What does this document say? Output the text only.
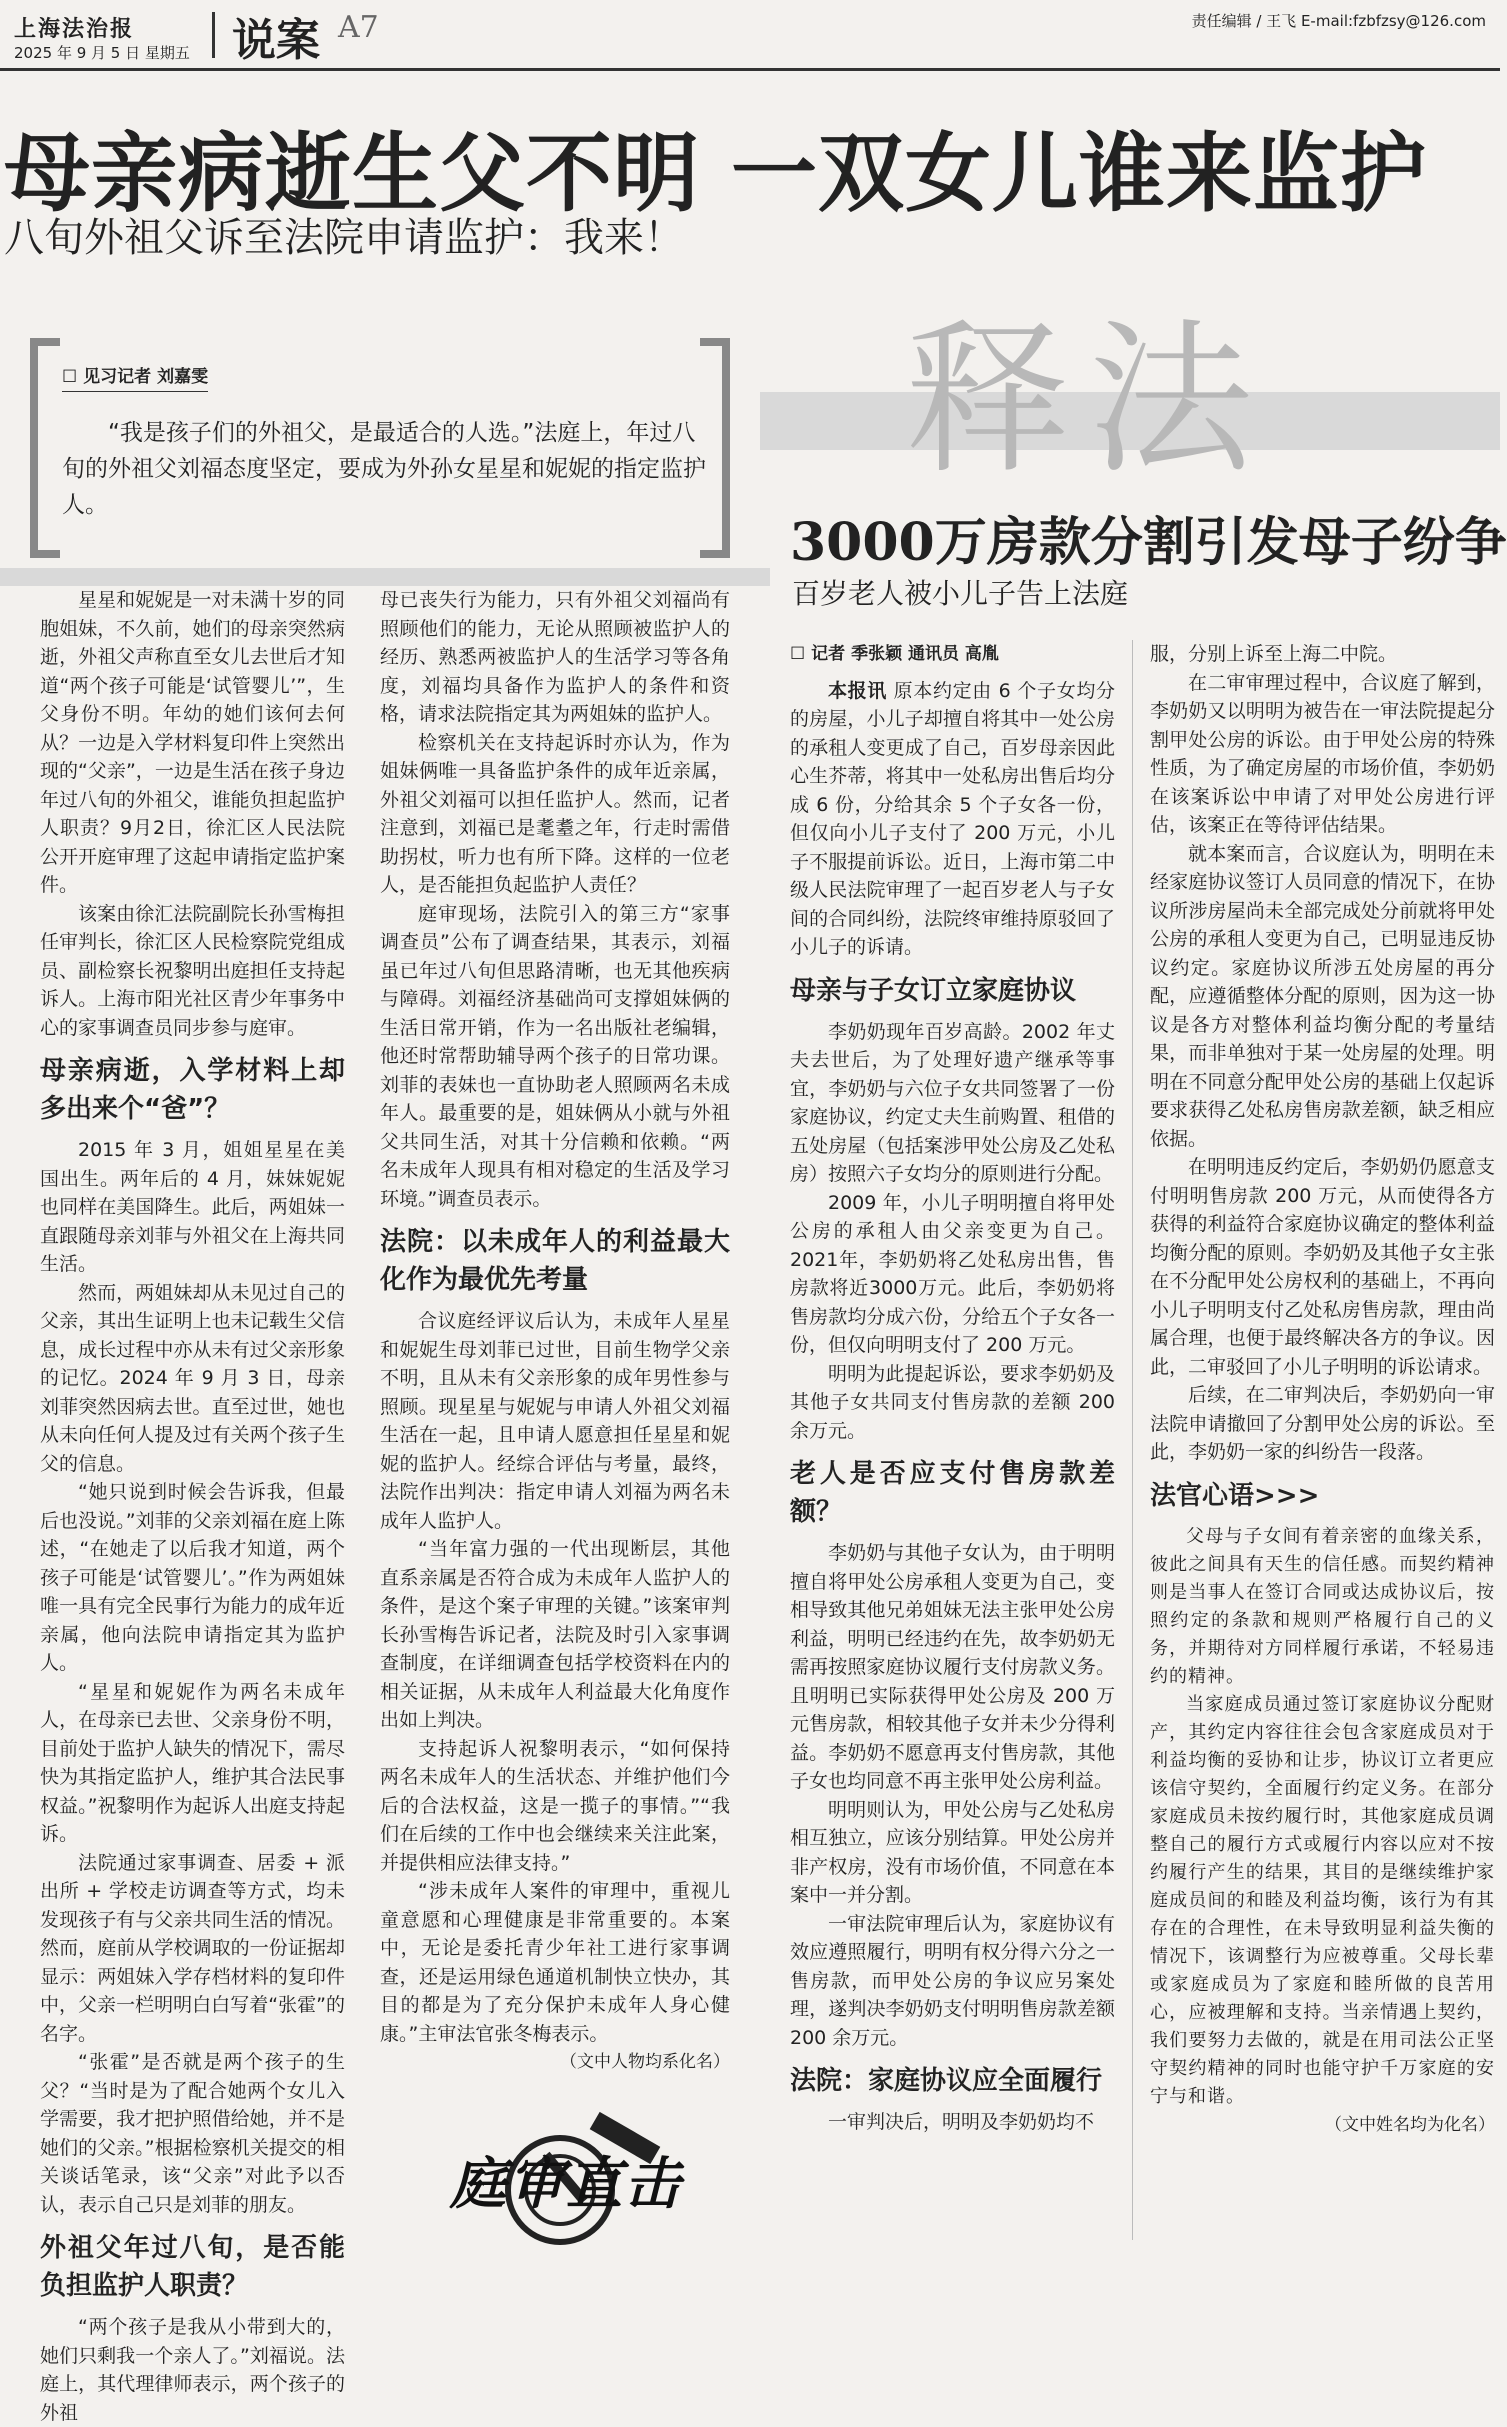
上海法治报
2025 年 9 月 5 日 星期五 说案 A7	责任编辑 / 王飞 E-mail:fzbfzsy@126.com
母亲病逝生父不明 一双女儿谁来监护
八旬外祖父诉至法院申请监护：我来！
☐ 见习记者 刘嘉雯
“我是孩子们的外祖父，是最适合的人选。”法庭上，年过八旬的外祖父刘福态度坚定，要成为外孙女星星和妮妮的指定监护人。
释法
3000万房款分割引发母子纷争
百岁老人被小儿子告上法庭

星星和妮妮是一对未满十岁的同胞姐妹，不久前，她们的母亲突然病逝，外祖父声称直至女儿去世后才知道“两个孩子可能是‘试管婴儿’”，生父身份不明。年幼的她们该何去何从？一边是入学材料复印件上突然出现的“父亲”，一边是生活在孩子身边年过八旬的外祖父，谁能负担起监护人职责？9月2日，徐汇区人民法院公开开庭审理了这起申请指定监护案件。

该案由徐汇法院副院长孙雪梅担任审判长，徐汇区人民检察院党组成员、副检察长祝黎明出庭担任支持起诉人。上海市阳光社区青少年事务中心的家事调查员同步参与庭审。

母亲病逝，入学材料上却多出来个“爸”？

2015 年 3 月，姐姐星星在美国出生。两年后的 4 月，妹妹妮妮也同样在美国降生。此后，两姐妹一直跟随母亲刘菲与外祖父在上海共同生活。

然而，两姐妹却从未见过自己的父亲，其出生证明上也未记载生父信息，成长过程中亦从未有过父亲形象的记忆。2024 年 9 月 3 日，母亲刘菲突然因病去世。直至过世，她也从未向任何人提及过有关两个孩子生父的信息。

“她只说到时候会告诉我，但最后也没说。”刘菲的父亲刘福在庭上陈述，“在她走了以后我才知道，两个孩子可能是‘试管婴儿’。”作为两姐妹唯一具有完全民事行为能力的成年近亲属，他向法院申请指定其为监护人。

“星星和妮妮作为两名未成年人，在母亲已去世、父亲身份不明，目前处于监护人缺失的情况下，需尽快为其指定监护人，维护其合法民事权益。”祝黎明作为起诉人出庭支持起诉。

法院通过家事调查、居委 + 派出所 + 学校走访调查等方式，均未发现孩子有与父亲共同生活的情况。然而，庭前从学校调取的一份证据却显示：两姐妹入学存档材料的复印件中，父亲一栏明明白白写着“张霍”的名字。

“张霍”是否就是两个孩子的生父？“当时是为了配合她两个女儿入学需要，我才把护照借给她，并不是她们的父亲。”根据检察机关提交的相关谈话笔录，该“父亲”对此予以否认，表示自己只是刘菲的朋友。

外祖父年过八旬，是否能负担监护人职责？

“两个孩子是我从小带到大的，她们只剩我一个亲人了。”刘福说。法庭上，其代理律师表示，两个孩子的外祖

母已丧失行为能力，只有外祖父刘福尚有照顾他们的能力，无论从照顾被监护人的经历、熟悉两被监护人的生活学习等各角度，刘福均具备作为监护人的条件和资格，请求法院指定其为两姐妹的监护人。

检察机关在支持起诉时亦认为，作为姐妹俩唯一具备监护条件的成年近亲属，外祖父刘福可以担任监护人。然而，记者注意到，刘福已是耄耋之年，行走时需借助拐杖，听力也有所下降。这样的一位老人，是否能担负起监护人责任？

庭审现场，法院引入的第三方“家事调查员”公布了调查结果，其表示，刘福虽已年过八旬但思路清晰，也无其他疾病与障碍。刘福经济基础尚可支撑姐妹俩的生活日常开销，作为一名出版社老编辑，他还时常帮助辅导两个孩子的日常功课。刘菲的表妹也一直协助老人照顾两名未成年人。最重要的是，姐妹俩从小就与外祖父共同生活，对其十分信赖和依赖。“两名未成年人现具有相对稳定的生活及学习环境。”调查员表示。

法院：以未成年人的利益最大化作为最优先考量

合议庭经评议后认为，未成年人星星和妮妮生母刘菲已过世，目前生物学父亲不明，且从未有父亲形象的成年男性参与照顾。现星星与妮妮与申请人外祖父刘福生活在一起，且申请人愿意担任星星和妮妮的监护人。经综合评估与考量，最终，法院作出判决：指定申请人刘福为两名未成年人监护人。

“当年富力强的一代出现断层，其他直系亲属是否符合成为未成年人监护人的条件，是这个案子审理的关键。”该案审判长孙雪梅告诉记者，法院及时引入家事调查制度，在详细调查包括学校资料在内的相关证据，从未成年人利益最大化角度作出如上判决。

支持起诉人祝黎明表示，“如何保持两名未成年人的生活状态、并维护他们今后的合法权益，这是一揽子的事情。”“我们在后续的工作中也会继续来关注此案，并提供相应法律支持。”

“涉未成年人案件的审理中，重视儿童意愿和心理健康是非常重要的。本案中，无论是委托青少年社工进行家事调查，还是运用绿色通道机制快立快办，其目的都是为了充分保护未成年人身心健康。”主审法官张冬梅表示。

（文中人物均系化名）

庭审直击

☐ 记者 季张颖 通讯员 高胤

本报讯 原本约定由 6 个子女均分的房屋，小儿子却擅自将其中一处公房的承租人变更成了自己，百岁母亲因此心生芥蒂，将其中一处私房出售后均分成 6 份，分给其余 5 个子女各一份，但仅向小儿子支付了 200 万元，小儿子不服提前诉讼。近日，上海市第二中级人民法院审理了一起百岁老人与子女间的合同纠纷，法院终审维持原驳回了小儿子的诉请。

母亲与子女订立家庭协议

李奶奶现年百岁高龄。2002 年丈夫去世后，为了处理好遗产继承等事宜，李奶奶与六位子女共同签署了一份家庭协议，约定丈夫生前购置、租借的五处房屋（包括案涉甲处公房及乙处私房）按照六子女均分的原则进行分配。

2009 年，小儿子明明擅自将甲处公房的承租人由父亲变更为自己。2021年，李奶奶将乙处私房出售，售房款将近3000万元。此后，李奶奶将售房款均分成六份，分给五个子女各一份，但仅向明明支付了 200 万元。

明明为此提起诉讼，要求李奶奶及其他子女共同支付售房款的差额 200 余万元。

老人是否应支付售房款差额？

李奶奶与其他子女认为，由于明明擅自将甲处公房承租人变更为自己，变相导致其他兄弟姐妹无法主张甲处公房利益，明明已经违约在先，故李奶奶无需再按照家庭协议履行支付房款义务。且明明已实际获得甲处公房及 200 万元售房款，相较其他子女并未少分得利益。李奶奶不愿意再支付售房款，其他子女也均同意不再主张甲处公房利益。

明明则认为，甲处公房与乙处私房相互独立，应该分别结算。甲处公房并非产权房，没有市场价值，不同意在本案中一并分割。

一审法院审理后认为，家庭协议有效应遵照履行，明明有权分得六分之一售房款，而甲处公房的争议应另案处理，遂判决李奶奶支付明明售房款差额 200 余万元。

法院：家庭协议应全面履行

一审判决后，明明及李奶奶均不

服，分别上诉至上海二中院。

在二审审理过程中，合议庭了解到，李奶奶又以明明为被告在一审法院提起分割甲处公房的诉讼。由于甲处公房的特殊性质，为了确定房屋的市场价值，李奶奶在该案诉讼中申请了对甲处公房进行评估，该案正在等待评估结果。

就本案而言，合议庭认为，明明在未经家庭协议签订人员同意的情况下，在协议所涉房屋尚未全部完成处分前就将甲处公房的承租人变更为自己，已明显违反协议约定。家庭协议所涉五处房屋的再分配，应遵循整体分配的原则，因为这一协议是各方对整体利益均衡分配的考量结果，而非单独对于某一处房屋的处理。明明在不同意分配甲处公房的基础上仅起诉要求获得乙处私房售房款差额，缺乏相应依据。

在明明违反约定后，李奶奶仍愿意支付明明售房款 200 万元，从而使得各方获得的利益符合家庭协议确定的整体利益均衡分配的原则。李奶奶及其他子女主张在不分配甲处公房权利的基础上，不再向小儿子明明支付乙处私房售房款，理由尚属合理，也便于最终解决各方的争议。因此，二审驳回了小儿子明明的诉讼请求。

后续，在二审判决后，李奶奶向一审法院申请撤回了分割甲处公房的诉讼。至此，李奶奶一家的纠纷告一段落。

法官心语>>>

父母与子女间有着亲密的血缘关系，彼此之间具有天生的信任感。而契约精神则是当事人在签订合同或达成协议后，按照约定的条款和规则严格履行自己的义务，并期待对方同样履行承诺，不轻易违约的精神。

当家庭成员通过签订家庭协议分配财产，其约定内容往往会包含家庭成员对于利益均衡的妥协和让步，协议订立者更应该信守契约，全面履行约定义务。在部分家庭成员未按约履行时，其他家庭成员调整自己的履行方式或履行内容以应对不按约履行产生的结果，其目的是继续维护家庭成员间的和睦及利益均衡，该行为有其存在的合理性，在未导致明显利益失衡的情况下，该调整行为应被尊重。父母长辈或家庭成员为了家庭和睦所做的良苦用心，应被理解和支持。当亲情遇上契约，我们要努力去做的，就是在用司法公正坚守契约精神的同时也能守护千万家庭的安宁与和谐。

（文中姓名均为化名）
